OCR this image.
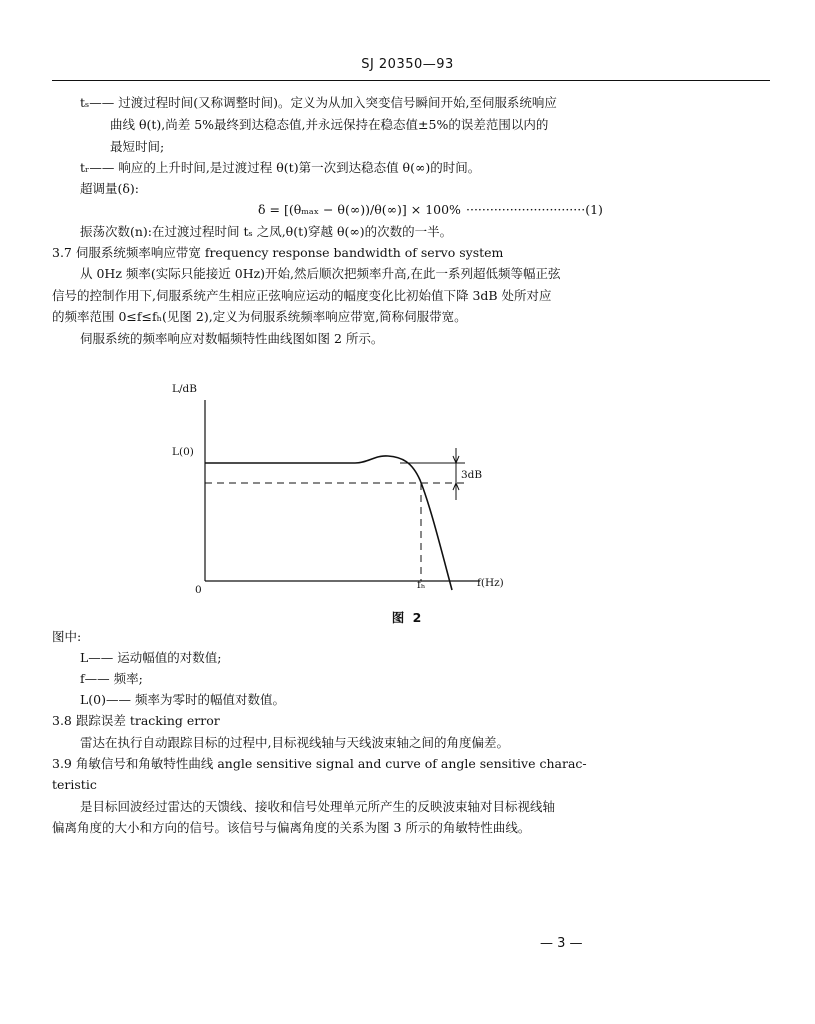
SJ 20350—93
tₛ—— 过渡过程时间(又称调整时间)。定义为从加入突变信号瞬间开始,至伺服系统响应
曲线 θ(t),尚差 5%最终到达稳态值,并永远保持在稳态值±5%的误差范围以内的
最短时间;
tᵣ—— 响应的上升时间,是过渡过程 θ(t)第一次到达稳态值 θ(∞)的时间。
超调量(δ):
δ = [(θₘₐₓ − θ(∞))/θ(∞)] × 100% ······························(1)
振荡次数(n):在过渡过程时间 tₛ 之凤,θ(t)穿越 θ(∞)的次数的一半。
3.7 伺服系统频率响应带宽 frequency response bandwidth of servo system
从 0Hz 频率(实际只能接近 0Hz)开始,然后顺次把频率升高,在此一系列超低频等幅正弦
信号的控制作用下,伺服系统产生相应正弦响应运动的幅度变化比初始值下降 3dB 处所对应
的频率范围 0≤f≤fₕ(见图 2),定义为伺服系统频率响应带宽,简称伺服带宽。
伺服系统的频率响应对数幅频特性曲线图如图 2 所示。
L/dB
L(0)
3dB
0	fₕ	f(Hz)
图 2
图中:
L—— 运动幅值的对数值;
f—— 频率;
L(0)—— 频率为零时的幅值对数值。
3.8 跟踪误差 tracking error
雷达在执行自动跟踪目标的过程中,目标视线轴与天线波束轴之间的角度偏差。
3.9 角敏信号和角敏特性曲线 angle sensitive signal and curve of angle sensitive charac-
teristic
是目标回波经过雷达的天馈线、接收和信号处理单元所产生的反映波束轴对目标视线轴
偏离角度的大小和方向的信号。该信号与偏离角度的关系为图 3 所示的角敏特性曲线。
— 3 —
